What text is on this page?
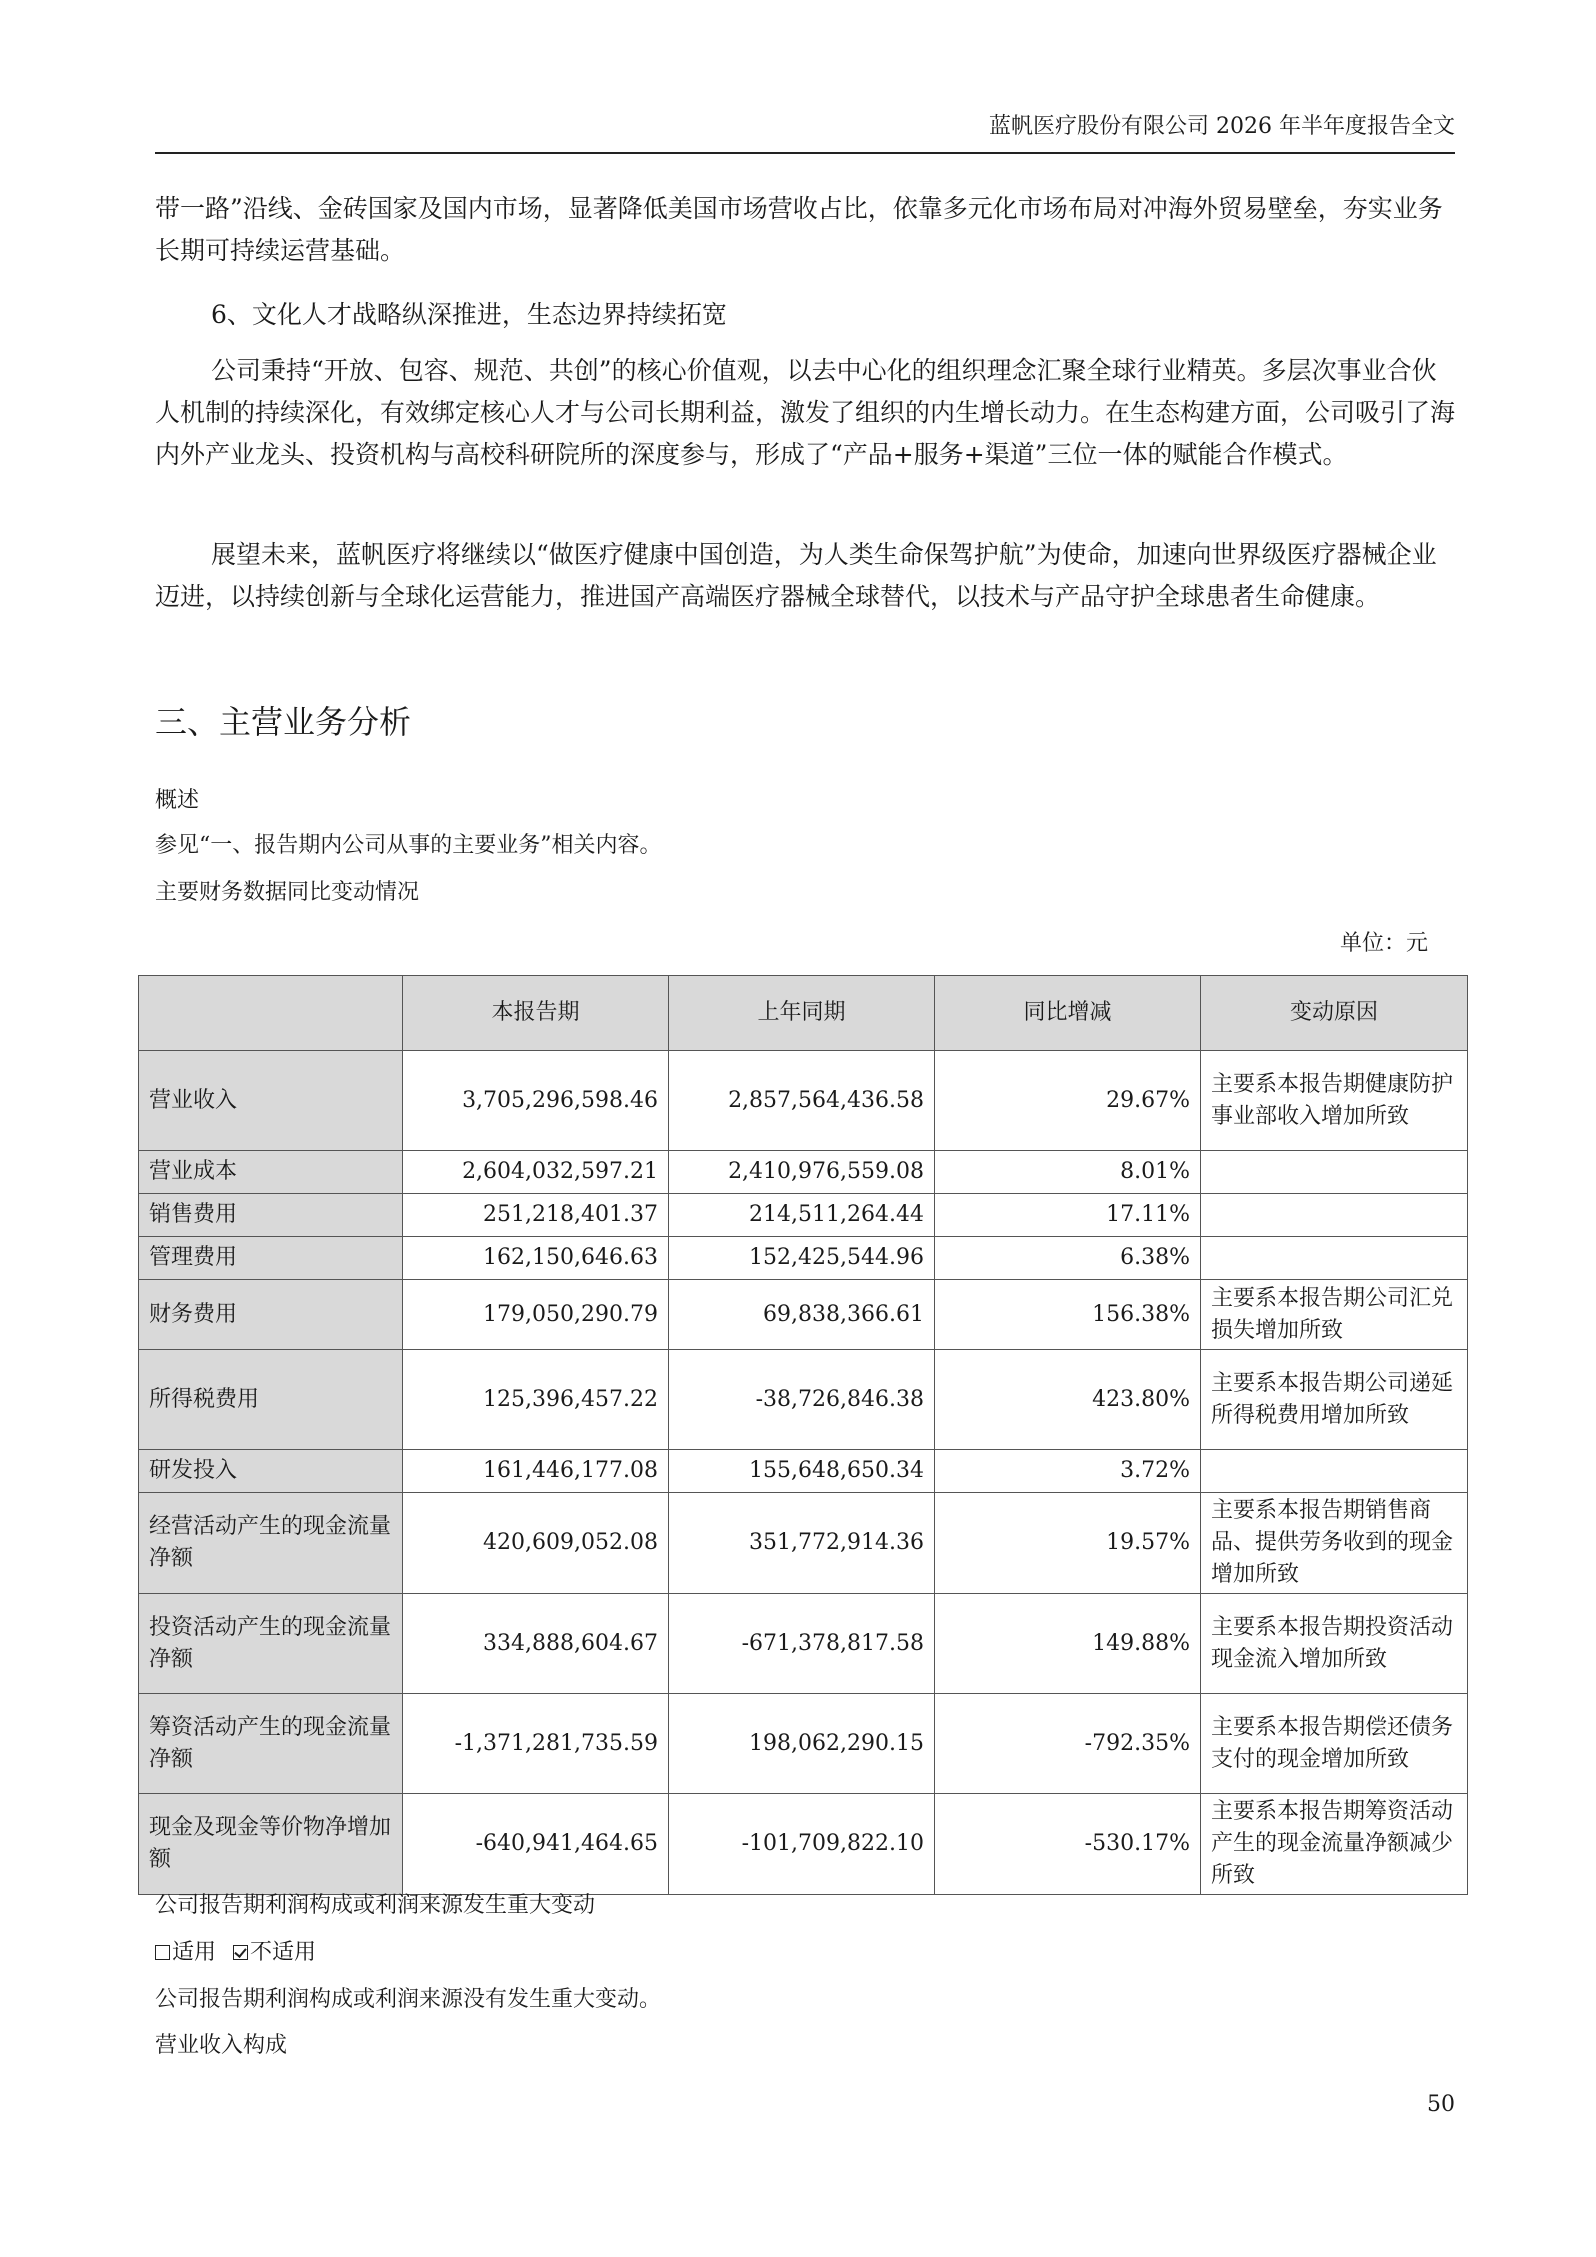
蓝帆医疗股份有限公司 2026 年半年度报告全文

带一路”沿线、金砖国家及国内市场，显著降低美国市场营收占比，依靠多元化市场布局对冲海外贸易壁垒，夯实业务长期可持续运营基础。

6、文化人才战略纵深推进，生态边界持续拓宽

公司秉持“开放、包容、规范、共创”的核心价值观，以去中心化的组织理念汇聚全球行业精英。多层次事业合伙人机制的持续深化，有效绑定核心人才与公司长期利益，激发了组织的内生增长动力。在生态构建方面，公司吸引了海内外产业龙头、投资机构与高校科研院所的深度参与，形成了“产品+服务+渠道”三位一体的赋能合作模式。

展望未来，蓝帆医疗将继续以“做医疗健康中国创造，为人类生命保驾护航”为使命，加速向世界级医疗器械企业迈进，以持续创新与全球化运营能力，推进国产高端医疗器械全球替代，以技术与产品守护全球患者生命健康。

三、主营业务分析
概述
参见“一、报告期内公司从事的主要业务”相关内容。
主要财务数据同比变动情况
单位：元
	本报告期	上年同期	同比增减	变动原因
营业收入	3,705,296,598.46	2,857,564,436.58	29.67%	主要系本报告期健康防护事业部收入增加所致
营业成本	2,604,032,597.21	2,410,976,559.08	8.01%	
销售费用	251,218,401.37	214,511,264.44	17.11%	
管理费用	162,150,646.63	152,425,544.96	6.38%	
财务费用	179,050,290.79	69,838,366.61	156.38%	主要系本报告期公司汇兑损失增加所致
所得税费用	125,396,457.22	-38,726,846.38	423.80%	主要系本报告期公司递延所得税费用增加所致
研发投入	161,446,177.08	155,648,650.34	3.72%	
经营活动产生的现金流量净额	420,609,052.08	351,772,914.36	19.57%	主要系本报告期销售商品、提供劳务收到的现金增加所致
投资活动产生的现金流量净额	334,888,604.67	-671,378,817.58	149.88%	主要系本报告期投资活动现金流入增加所致
筹资活动产生的现金流量净额	-1,371,281,735.59	198,062,290.15	-792.35%	主要系本报告期偿还债务支付的现金增加所致
现金及现金等价物净增加额	-640,941,464.65	-101,709,822.10	-530.17%	主要系本报告期筹资活动产生的现金流量净额减少所致
公司报告期利润构成或利润来源发生重大变动
适用 不适用
公司报告期利润构成或利润来源没有发生重大变动。
营业收入构成
50
